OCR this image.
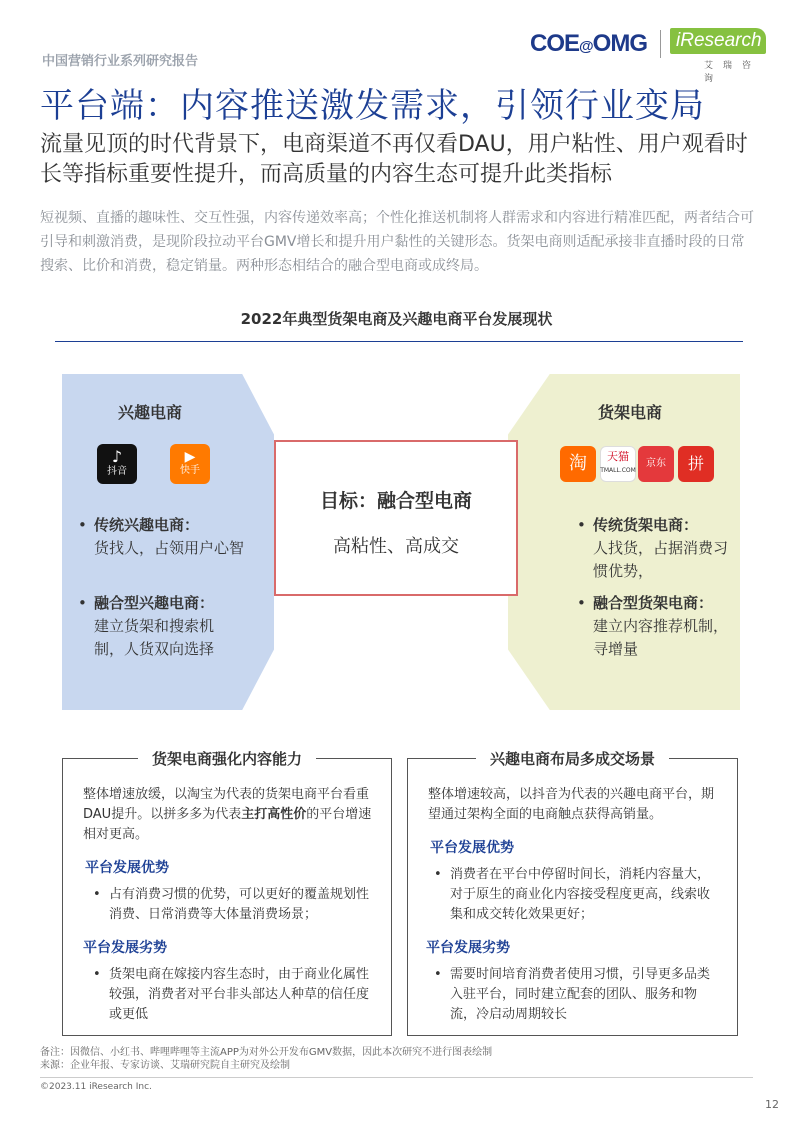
中国营销行业系列研究报告
COE@OMG	iResearch
艾瑞咨询
平台端：内容推送激发需求，引领行业变局
流量见顶的时代背景下，电商渠道不再仅看DAU，用户粘性、用户观看时长等指标重要性提升，而高质量的内容生态可提升此类指标
短视频、直播的趣味性、交互性强，内容传递效率高；个性化推送机制将人群需求和内容进行精准匹配，两者结合可引导和刺激消费，是现阶段拉动平台GMV增长和提升用户黏性的关键形态。货架电商则适配承接非直播时段的日常搜索、比价和消费，稳定销量。两种形态相结合的融合型电商或成终局。
2022年典型货架电商及兴趣电商平台发展现状
兴趣电商
♪
抖音
▶
快手
• 传统兴趣电商：
货找人，占领用户心智
• 融合型兴趣电商：
建立货架和搜索机制，人货双向选择
货架电商
淘	天猫
TMALL.COM
京东	拼
• 传统货架电商：
人找货，占据消费习惯优势，
• 融合型货架电商：
建立内容推荐机制，寻增量
目标：融合型电商
高粘性、高成交
货架电商强化内容能力
整体增速放缓，以淘宝为代表的货架电商平台看重DAU提升。以拼多多为代表主打高性价的平台增速相对更高。
平台发展优势
• 占有消费习惯的优势，可以更好的覆盖规划性消费、日常消费等大体量消费场景；
平台发展劣势
• 货架电商在嫁接内容生态时，由于商业化属性较强，消费者对平台非头部达人种草的信任度或更低
兴趣电商布局多成交场景
整体增速较高，以抖音为代表的兴趣电商平台，期望通过架构全面的电商触点获得高销量。
平台发展优势
• 消费者在平台中停留时间长，消耗内容量大，对于原生的商业化内容接受程度更高，线索收集和成交转化效果更好；
平台发展劣势
• 需要时间培育消费者使用习惯，引导更多品类入驻平台，同时建立配套的团队、服务和物流，冷启动周期较长
备注：因微信、小红书、哔哩哔哩等主流APP为对外公开发布GMV数据，因此本次研究不进行图表绘制
来源：企业年报、专家访谈、艾瑞研究院自主研究及绘制
©2023.11 iResearch Inc.
12
